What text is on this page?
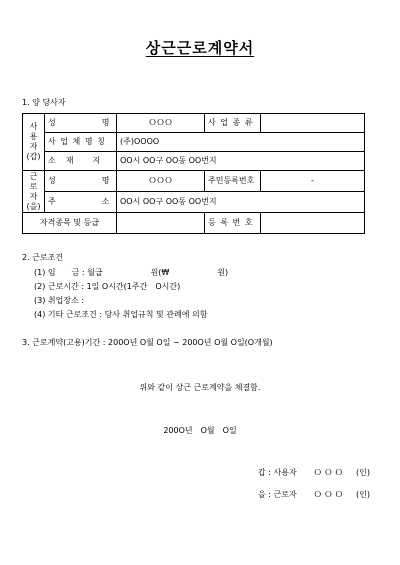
상근근로계약서
1. 양 당사자
사
용
자
(갑)	성　　　　　명	ＯＯＯ	사 업 종 류	
	사 업 체 명 칭	(주)OOOO		
	소　재　　지	OO시 OO구 OO동 OO번지		
근
로
자
(을)	성　　　　　명	ＯＯＯ	주민등록번호	-
	주　　　　　소	OO시 OO구 OO동 OO번지		
자격종목 및 등급			등 록 번 호	
2. 근로조건
(1) 임　　금 : 월급　　　　　　원(₩　　　　　　원)
(2) 근로시간 : 1일 O시간(1주간　O시간)
(3) 취업장소 :
(4) 기타 근로조건 : 당사 취업규칙 및 관례에 의함
3. 근로계약(고용)기간 : 200O년 O월 O일 ~ 200O년 O월 O일(O개월)
위와 같이 상근 근로계약을 체결함.
200O년　O월　O일
갑 : 사용자 Ｏ Ｏ Ｏ (인)
을 : 근로자 Ｏ Ｏ Ｏ (인)
